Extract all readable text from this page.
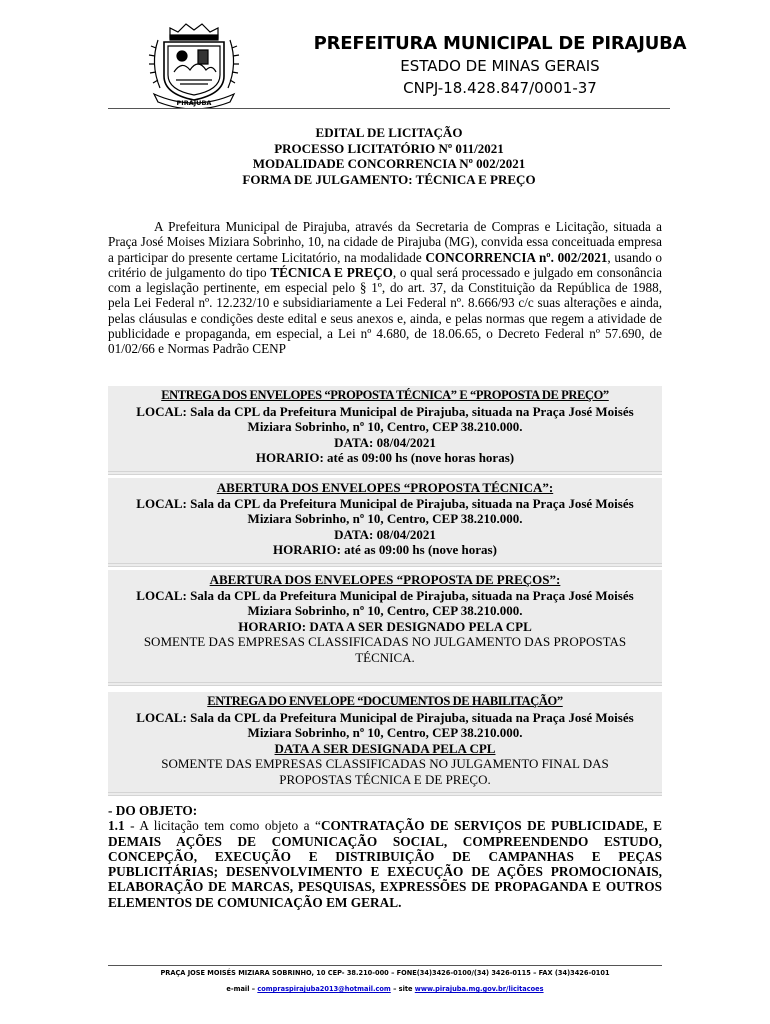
PIRAJUBA
PREFEITURA MUNICIPAL DE PIRAJUBA
ESTADO DE MINAS GERAIS
CNPJ-18.428.847/0001-37
EDITAL DE LICITAÇÃO
PROCESSO LICITATÓRIO Nº 011/2021
MODALIDADE CONCORRENCIA Nº 002/2021
FORMA DE JULGAMENTO: TÉCNICA E PREÇO
A Prefeitura Municipal de Pirajuba, através da Secretaria de Compras e Licitação, situada a Praça José Moises Miziara Sobrinho, 10, na cidade de Pirajuba (MG), convida essa conceituada empresa a participar do presente certame Licitatório, na modalidade CONCORRENCIA nº. 002/2021, usando o critério de julgamento do tipo TÉCNICA E PREÇO, o qual será processado e julgado em consonância com a legislação pertinente, em especial pelo § 1º, do art. 37, da Constituição da República de 1988, pela Lei Federal nº. 12.232/10 e subsidiariamente a Lei Federal nº. 8.666/93 c/c suas alterações e ainda, pelas cláusulas e condições deste edital e seus anexos e, ainda, e pelas normas que regem a atividade de publicidade e propaganda, em especial, a Lei nº 4.680, de 18.06.65, o Decreto Federal nº 57.690, de 01/02/66 e Normas Padrão CENP
ENTREGA DOS ENVELOPES “PROPOSTA TÉCNICA” E “PROPOSTA DE PREÇO”
LOCAL: Sala da CPL da Prefeitura Municipal de Pirajuba, situada na Praça José Moisés
Miziara Sobrinho, nº 10, Centro, CEP 38.210.000.
DATA: 08/04/2021
HORARIO: até as 09:00 hs (nove horas horas)
ABERTURA DOS ENVELOPES “PROPOSTA TÉCNICA”:
LOCAL: Sala da CPL da Prefeitura Municipal de Pirajuba, situada na Praça José Moisés
Miziara Sobrinho, nº 10, Centro, CEP 38.210.000.
DATA: 08/04/2021
HORARIO: até as 09:00 hs (nove horas)
ABERTURA DOS ENVELOPES “PROPOSTA DE PREÇOS”:
LOCAL: Sala da CPL da Prefeitura Municipal de Pirajuba, situada na Praça José Moisés
Miziara Sobrinho, nº 10, Centro, CEP 38.210.000.
HORARIO: DATA A SER DESIGNADO PELA CPL
SOMENTE DAS EMPRESAS CLASSIFICADAS NO JULGAMENTO DAS PROPOSTAS
TÉCNICA.
ENTREGA DO ENVELOPE “DOCUMENTOS DE HABILITAÇÃO”
LOCAL: Sala da CPL da Prefeitura Municipal de Pirajuba, situada na Praça José Moisés
Miziara Sobrinho, nº 10, Centro, CEP 38.210.000.
DATA A SER DESIGNADA PELA CPL
SOMENTE DAS EMPRESAS CLASSIFICADAS NO JULGAMENTO FINAL DAS
PROPOSTAS TÉCNICA E DE PREÇO.
- DO OBJETO:
1.1 - A licitação tem como objeto a “CONTRATAÇÃO DE SERVIÇOS DE PUBLICIDADE, E DEMAIS AÇÕES DE COMUNICAÇÃO SOCIAL, COMPREENDENDO ESTUDO, CONCEPÇÃO, EXECUÇÃO E DISTRIBUIÇÃO DE CAMPANHAS E PEÇAS PUBLICITÁRIAS; DESENVOLVIMENTO E EXECUÇÃO DE AÇÕES PROMOCIONAIS, ELABORAÇÃO DE MARCAS, PESQUISAS, EXPRESSÕES DE PROPAGANDA E OUTROS ELEMENTOS DE COMUNICAÇÃO EM GERAL.
PRAÇA JOSE MOISÉS MIZIARA SOBRINHO, 10 CEP- 38.210-000 – FONE(34)3426-0100/(34) 3426-0115 – FAX (34)3426-0101
e-mail – compraspirajuba2013@hotmail.com – site www.pirajuba.mg.gov.br/licitacoes
